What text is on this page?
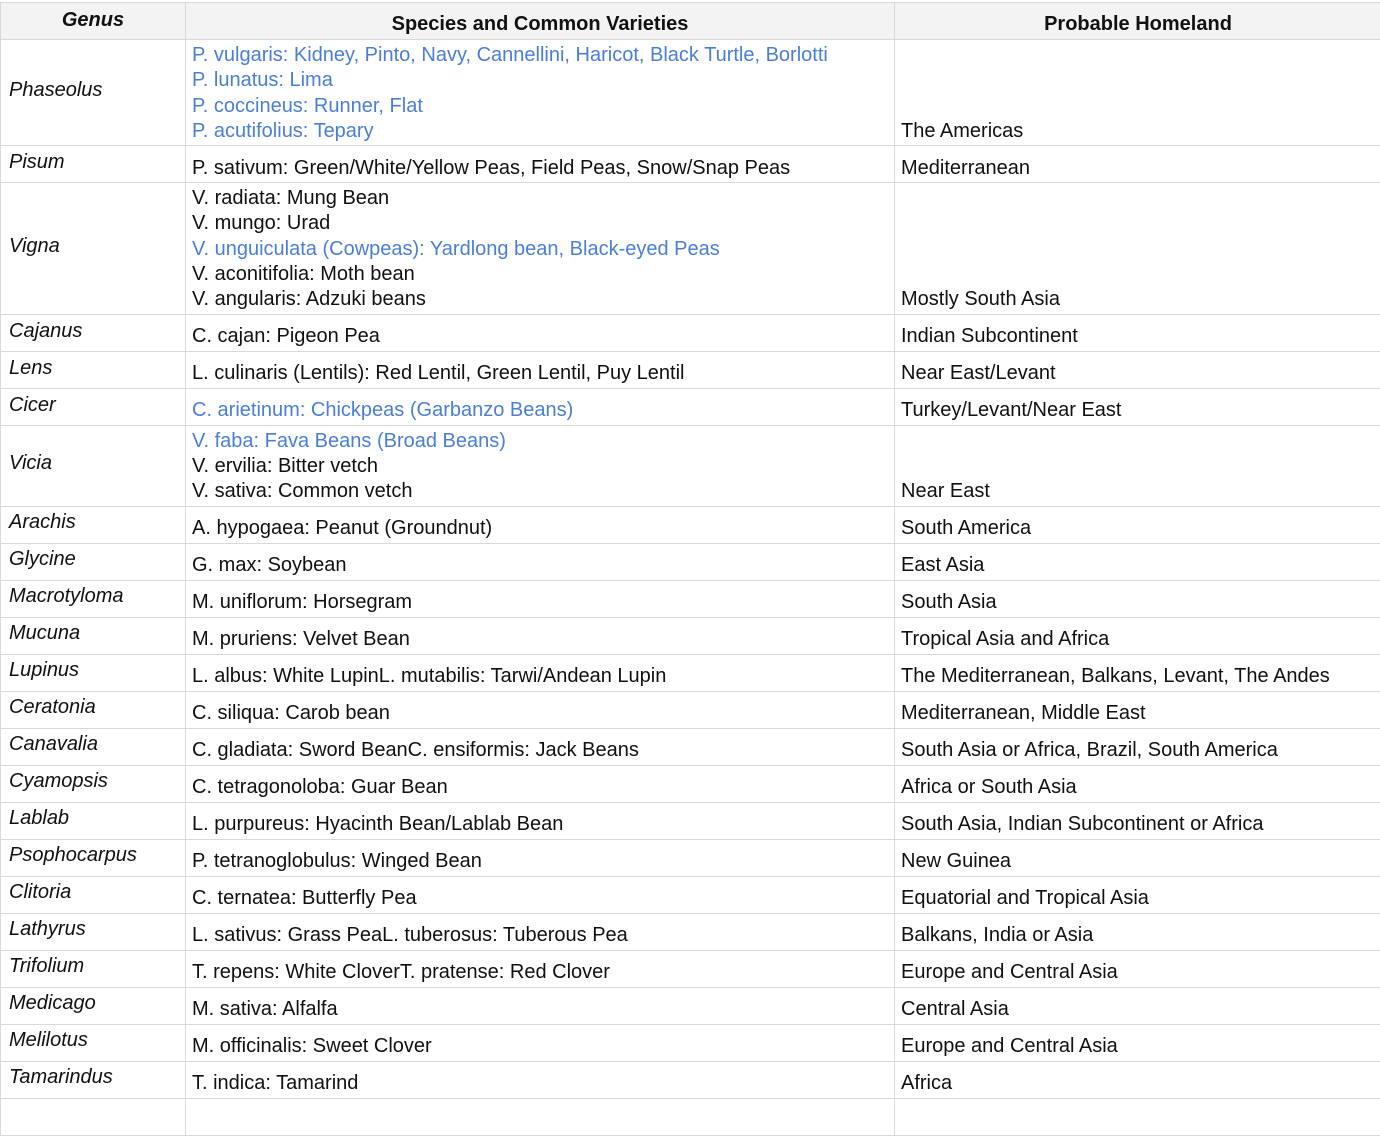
Genus	Species and Common Varieties	Probable Homeland
Phaseolus	P. vulgaris: Kidney, Pinto, Navy, Cannellini, Haricot, Black Turtle, Borlotti
P. lunatus: Lima
P. coccineus: Runner, Flat
P. acutifolius: Tepary	The Americas
Pisum	P. sativum: Green/White/Yellow Peas, Field Peas, Snow/Snap Peas	Mediterranean
Vigna	V. radiata: Mung Bean
V. mungo: Urad
V. unguiculata (Cowpeas): Yardlong bean, Black-eyed Peas
V. aconitifolia: Moth bean
V. angularis: Adzuki beans	Mostly South Asia
Cajanus	C. cajan: Pigeon Pea	Indian Subcontinent
Lens	L. culinaris (Lentils): Red Lentil, Green Lentil, Puy Lentil	Near East/Levant
Cicer	C. arietinum: Chickpeas (Garbanzo Beans)	Turkey/Levant/Near East
Vicia	V. faba: Fava Beans (Broad Beans)
V. ervilia: Bitter vetch
V. sativa: Common vetch	Near East
Arachis	A. hypogaea: Peanut (Groundnut)	South America
Glycine	G. max: Soybean	East Asia
Macrotyloma	M. uniflorum: Horsegram	South Asia
Mucuna	M. pruriens: Velvet Bean	Tropical Asia and Africa
Lupinus	L. albus: White LupinL. mutabilis: Tarwi/Andean Lupin	The Mediterranean, Balkans, Levant, The Andes
Ceratonia	C. siliqua: Carob bean	Mediterranean, Middle East
Canavalia	C. gladiata: Sword BeanC. ensiformis: Jack Beans	South Asia or Africa, Brazil, South America
Cyamopsis	C. tetragonoloba: Guar Bean	Africa or South Asia
Lablab	L. purpureus: Hyacinth Bean/Lablab Bean	South Asia, Indian Subcontinent or Africa
Psophocarpus	P. tetranoglobulus: Winged Bean	New Guinea
Clitoria	C. ternatea: Butterfly Pea	Equatorial and Tropical Asia
Lathyrus	L. sativus: Grass PeaL. tuberosus: Tuberous Pea	Balkans, India or Asia
Trifolium	T. repens: White CloverT. pratense: Red Clover	Europe and Central Asia
Medicago	M. sativa: Alfalfa	Central Asia
Melilotus	M. officinalis: Sweet Clover	Europe and Central Asia
Tamarindus	T. indica: Tamarind	Africa
